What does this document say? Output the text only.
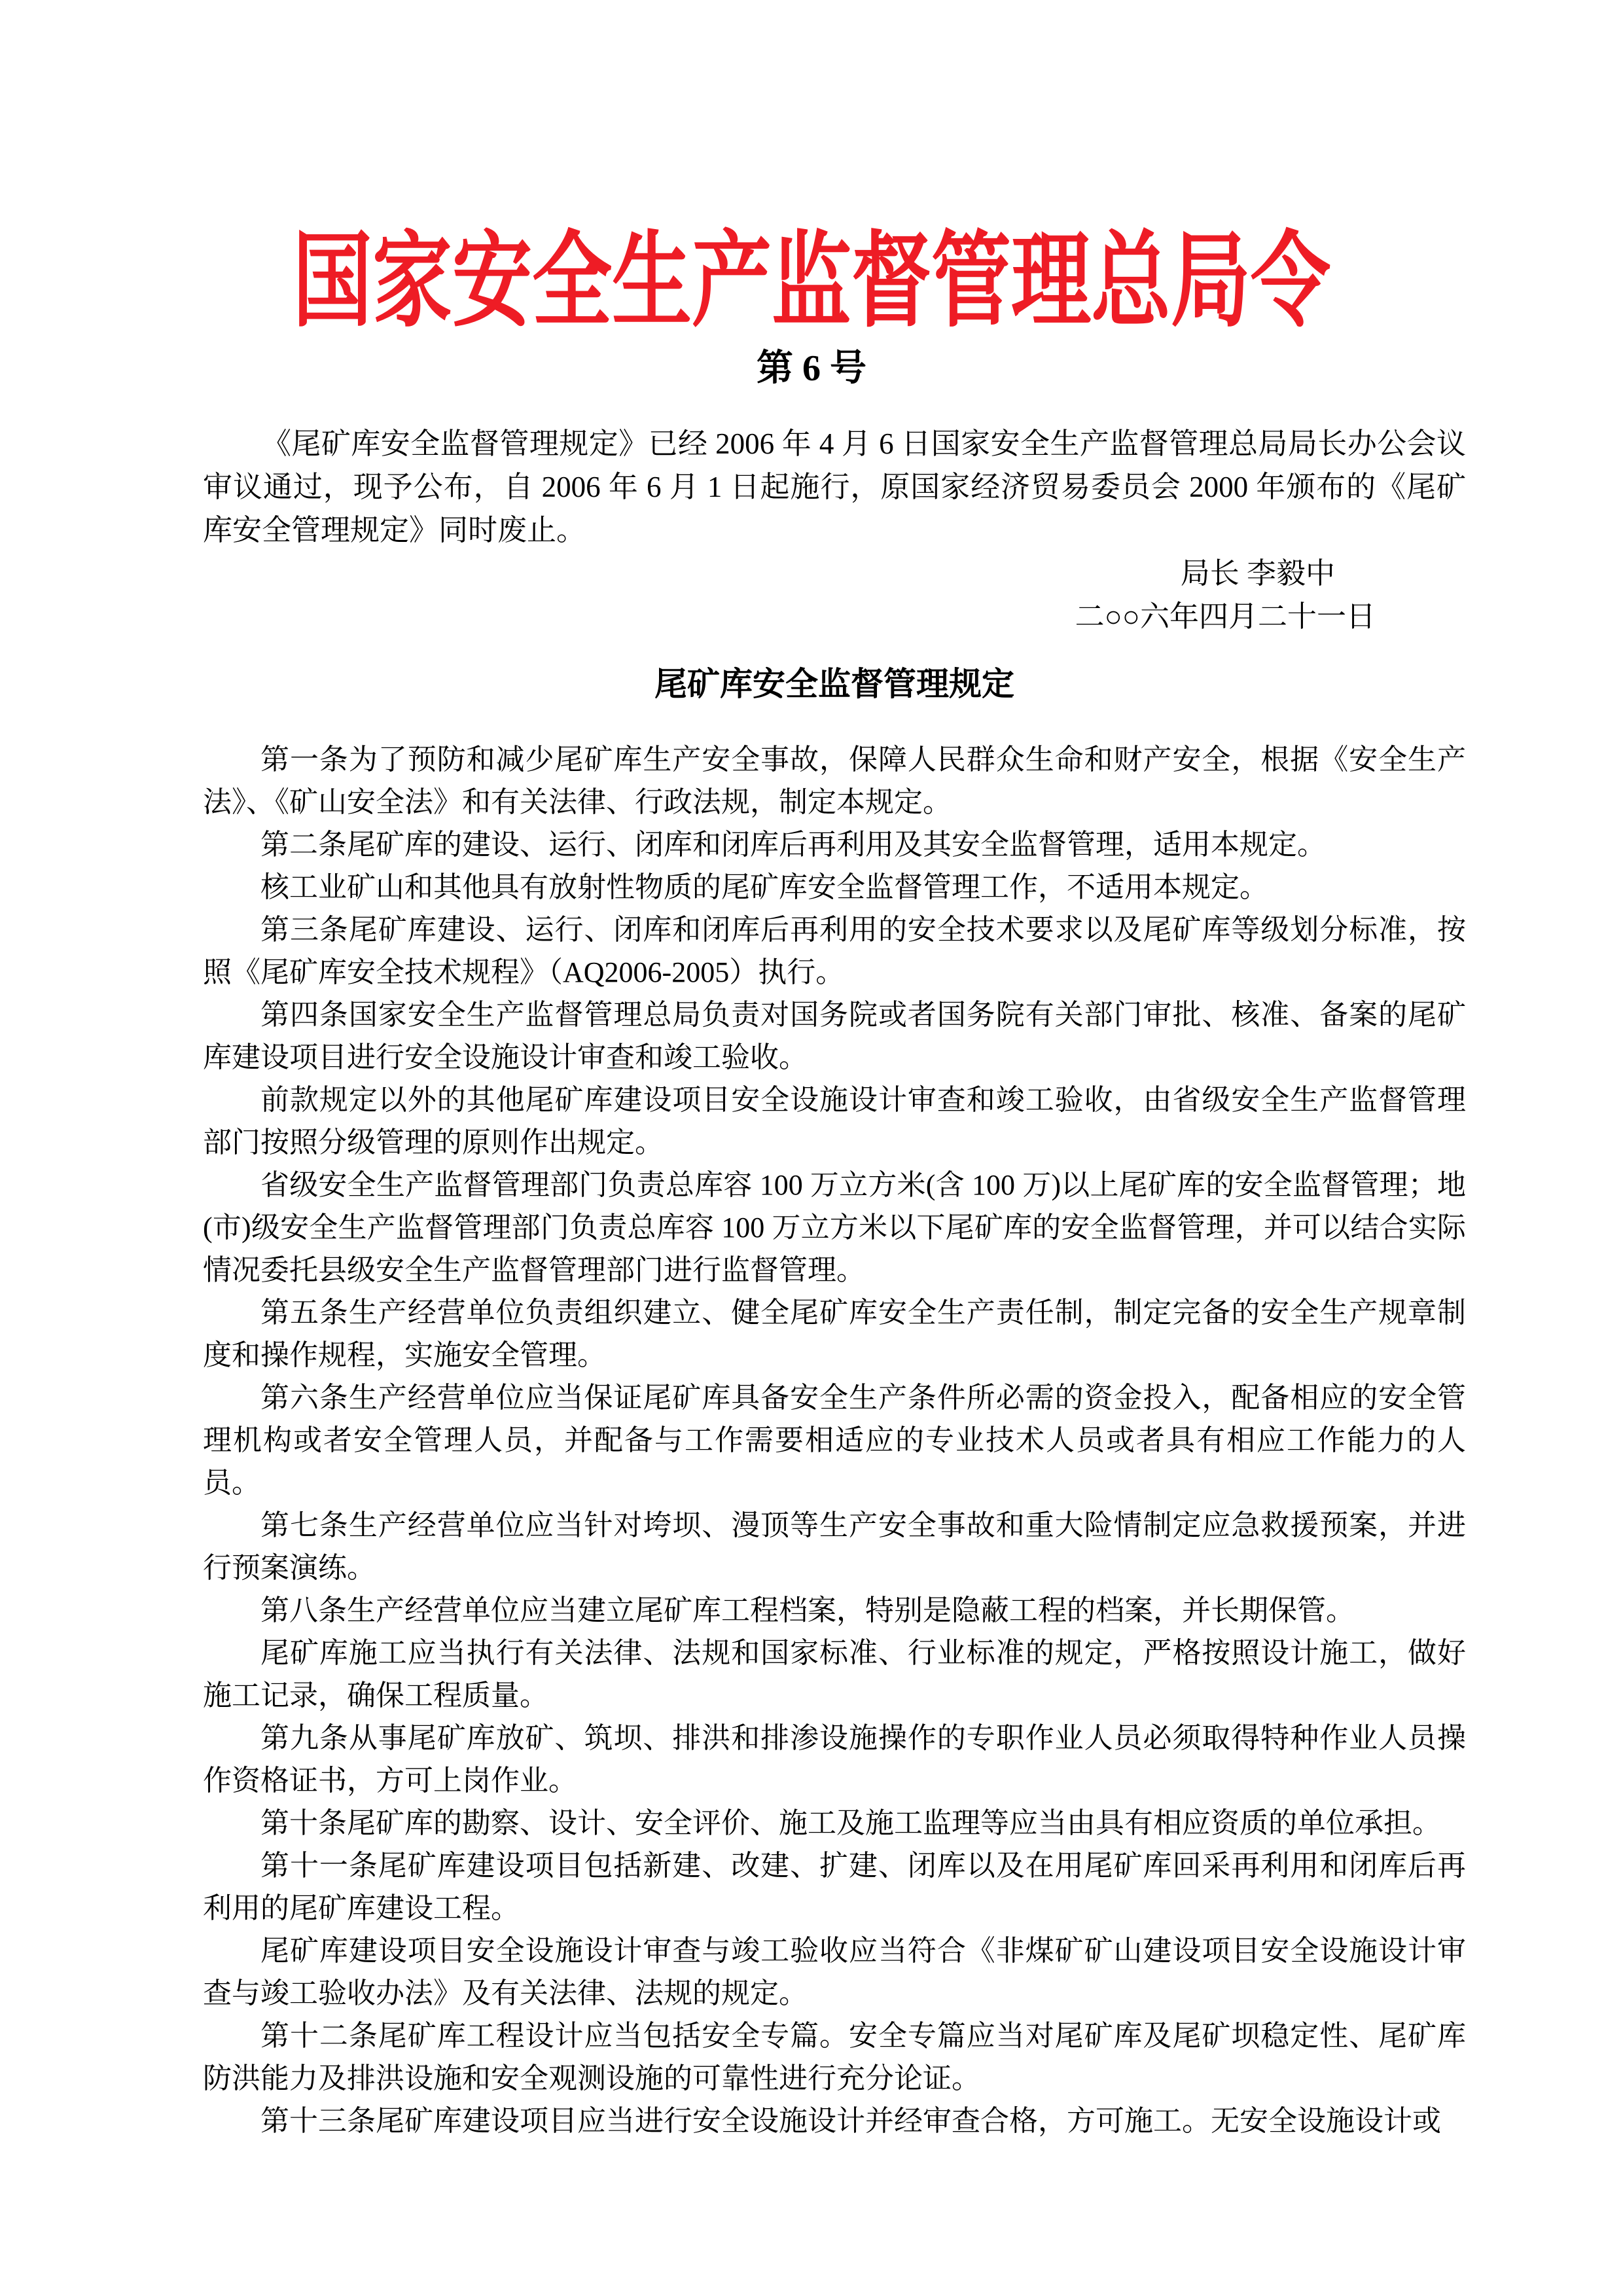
国家安全生产监督管理总局令
第 6 号

《尾矿库安全监督管理规定》已经 2006 年 4 月 6 日国家安全生产监督管理总局局长办公会议审议通过，现予公布，自 2006 年 6 月 1 日起施行，原国家经济贸易委员会 2000 年颁布的《尾矿库安全管理规定》同时废止。

局长 李毅中
二○○六年四月二十一日
尾矿库安全监督管理规定

第一条为了预防和减少尾矿库生产安全事故，保障人民群众生命和财产安全，根据《安全生产法》、《矿山安全法》和有关法律、行政法规，制定本规定。

第二条尾矿库的建设、运行、闭库和闭库后再利用及其安全监督管理，适用本规定。

核工业矿山和其他具有放射性物质的尾矿库安全监督管理工作，不适用本规定。

第三条尾矿库建设、运行、闭库和闭库后再利用的安全技术要求以及尾矿库等级划分标准，按照《尾矿库安全技术规程》（AQ2006-2005）执行。

第四条国家安全生产监督管理总局负责对国务院或者国务院有关部门审批、核准、备案的尾矿库建设项目进行安全设施设计审查和竣工验收。

前款规定以外的其他尾矿库建设项目安全设施设计审查和竣工验收，由省级安全生产监督管理部门按照分级管理的原则作出规定。

省级安全生产监督管理部门负责总库容 100 万立方米(含 100 万)以上尾矿库的安全监督管理；地(市)级安全生产监督管理部门负责总库容 100 万立方米以下尾矿库的安全监督管理，并可以结合实际情况委托县级安全生产监督管理部门进行监督管理。

第五条生产经营单位负责组织建立、健全尾矿库安全生产责任制，制定完备的安全生产规章制度和操作规程，实施安全管理。

第六条生产经营单位应当保证尾矿库具备安全生产条件所必需的资金投入，配备相应的安全管理机构或者安全管理人员，并配备与工作需要相适应的专业技术人员或者具有相应工作能力的人员。

第七条生产经营单位应当针对垮坝、漫顶等生产安全事故和重大险情制定应急救援预案，并进行预案演练。

第八条生产经营单位应当建立尾矿库工程档案，特别是隐蔽工程的档案，并长期保管。

尾矿库施工应当执行有关法律、法规和国家标准、行业标准的规定，严格按照设计施工，做好施工记录，确保工程质量。

第九条从事尾矿库放矿、筑坝、排洪和排渗设施操作的专职作业人员必须取得特种作业人员操作资格证书，方可上岗作业。

第十条尾矿库的勘察、设计、安全评价、施工及施工监理等应当由具有相应资质的单位承担。

第十一条尾矿库建设项目包括新建、改建、扩建、闭库以及在用尾矿库回采再利用和闭库后再利用的尾矿库建设工程。

尾矿库建设项目安全设施设计审查与竣工验收应当符合《非煤矿矿山建设项目安全设施设计审查与竣工验收办法》及有关法律、法规的规定。

第十二条尾矿库工程设计应当包括安全专篇。安全专篇应当对尾矿库及尾矿坝稳定性、尾矿库防洪能力及排洪设施和安全观测设施的可靠性进行充分论证。

第十三条尾矿库建设项目应当进行安全设施设计并经审查合格，方可施工。无安全设施设计或
